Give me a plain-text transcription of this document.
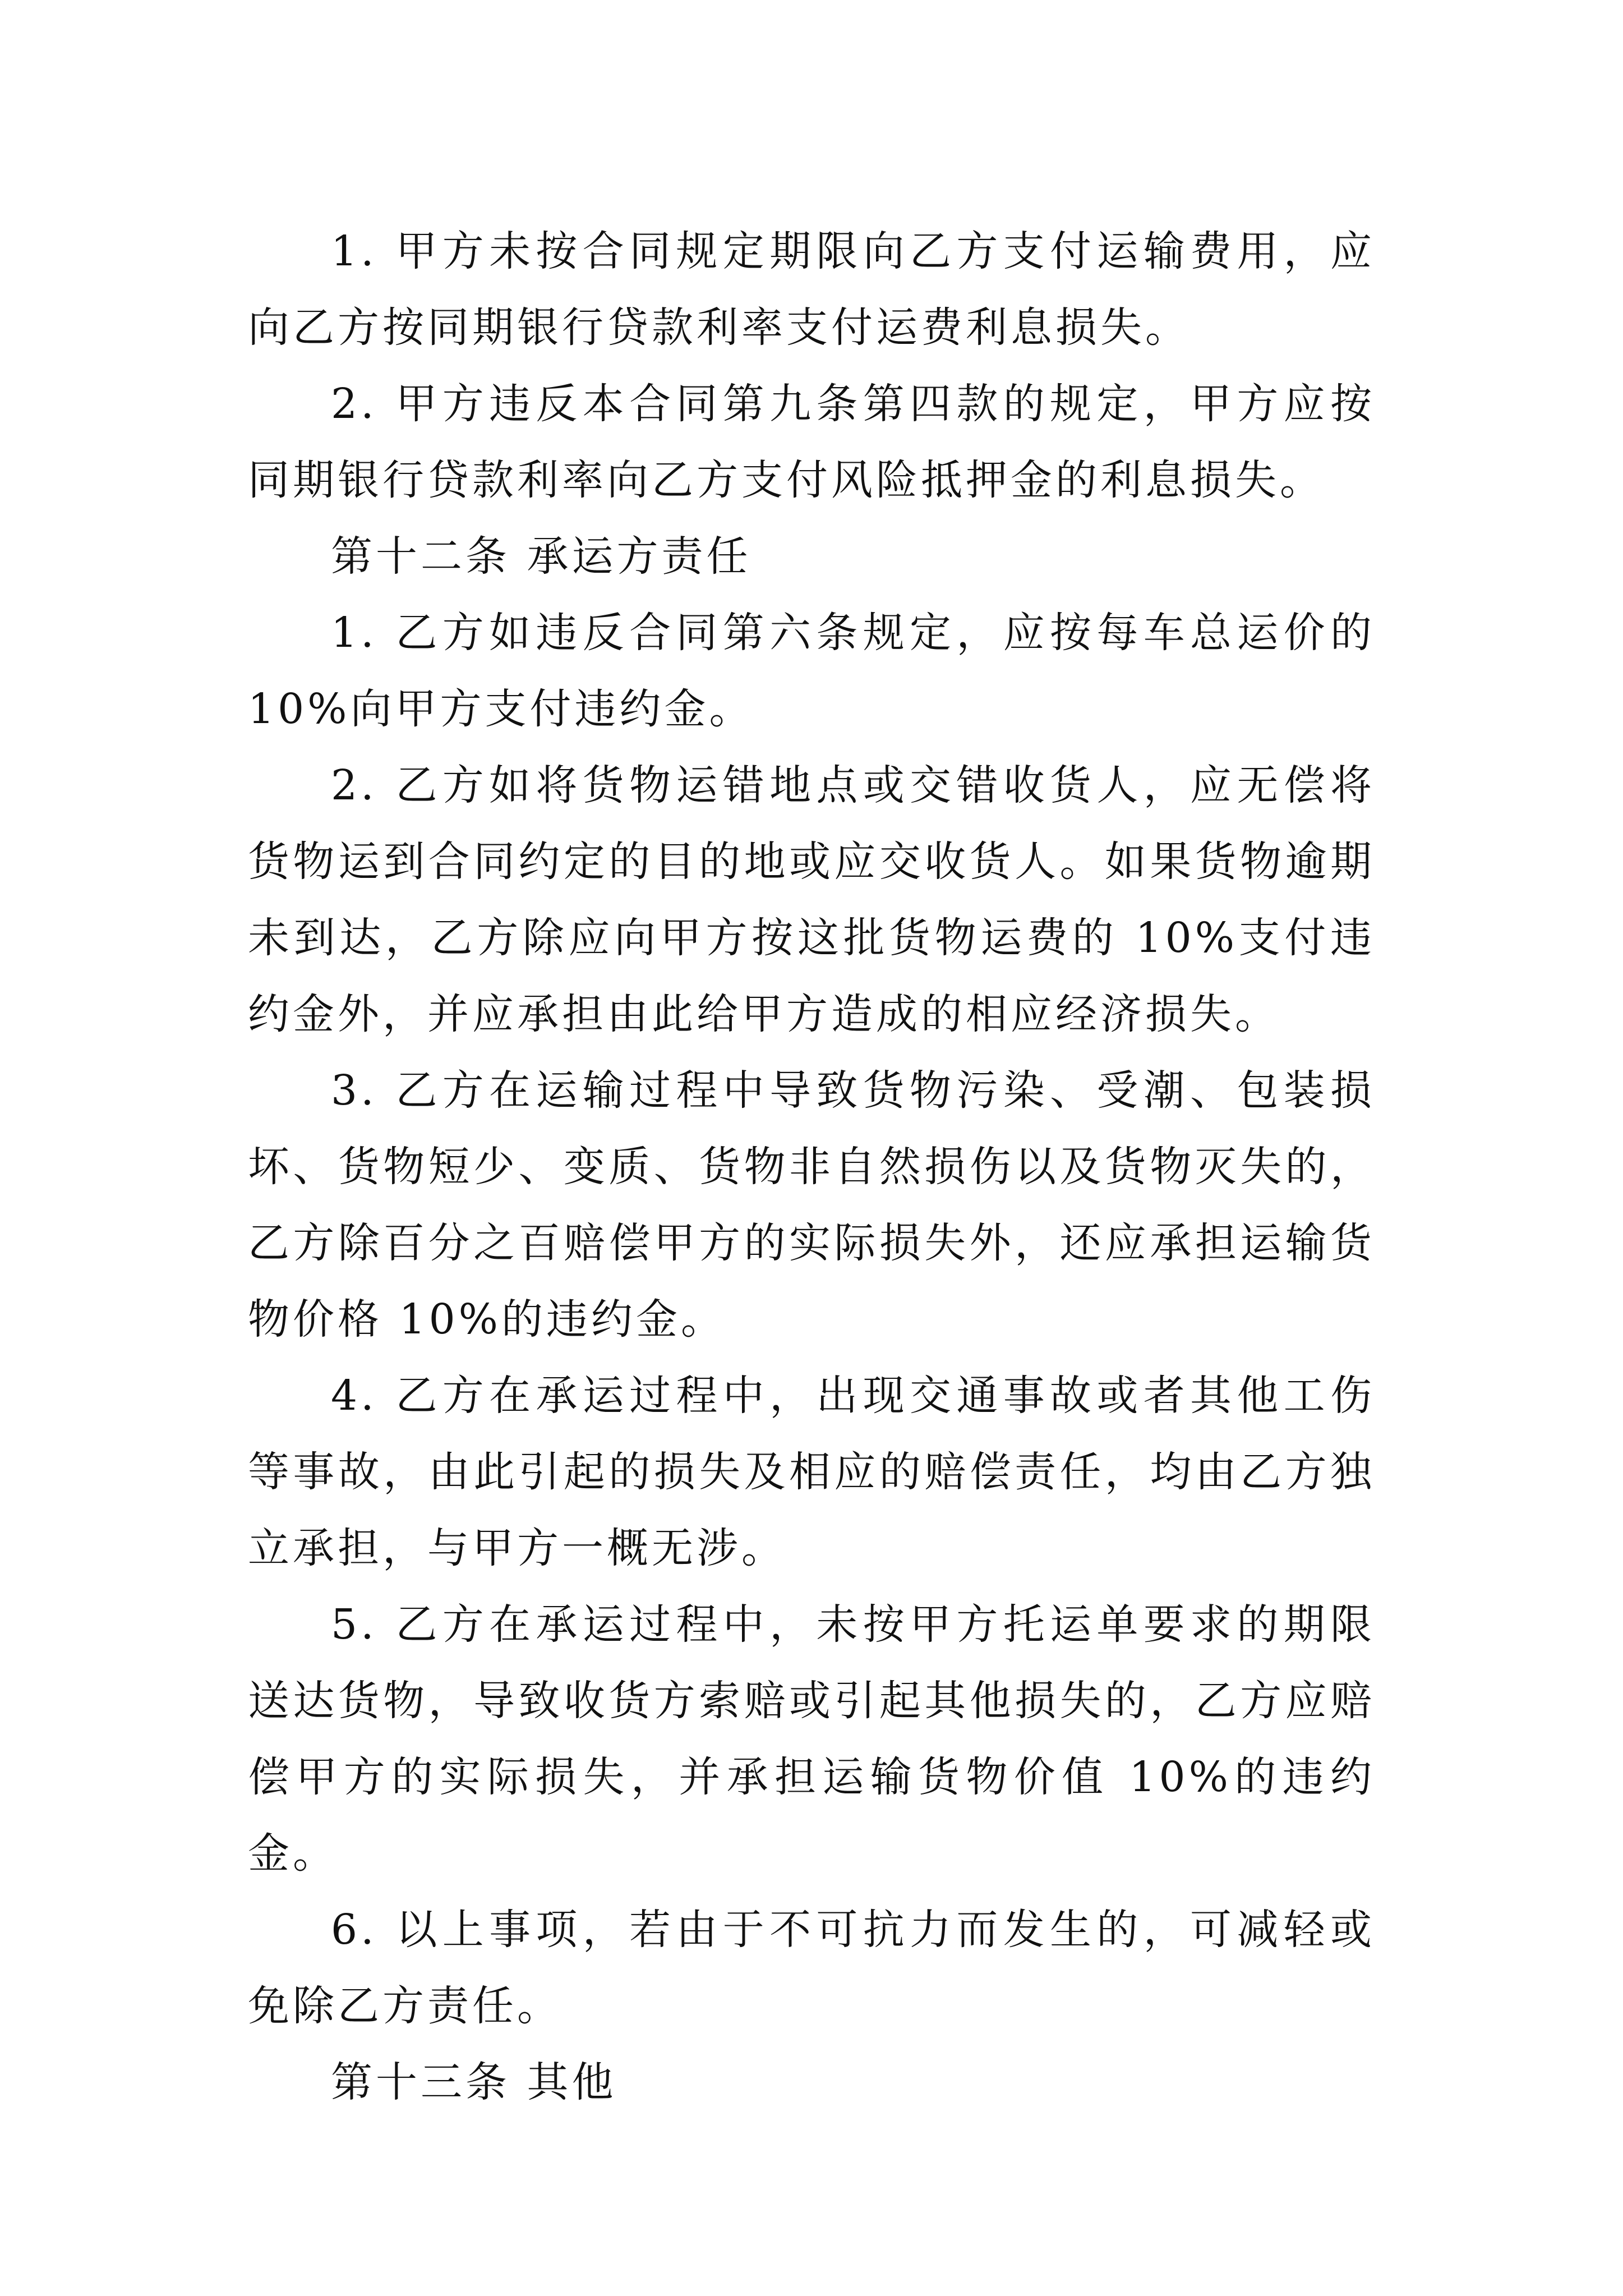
1. 甲方未按合同规定期限向乙方支付运输费用，应向乙方按同期银行贷款利率支付运费利息损失。

2. 甲方违反本合同第九条第四款的规定，甲方应按同期银行贷款利率向乙方支付风险抵押金的利息损失。

第十二条 承运方责任

1. 乙方如违反合同第六条规定，应按每车总运价的 10%向甲方支付违约金。

2. 乙方如将货物运错地点或交错收货人，应无偿将货物运到合同约定的目的地或应交收货人。如果货物逾期未到达，乙方除应向甲方按这批货物运费的 10%支付违约金外，并应承担由此给甲方造成的相应经济损失。

3. 乙方在运输过程中导致货物污染、受潮、包装损坏、货物短少、变质、货物非自然损伤以及货物灭失的，乙方除百分之百赔偿甲方的实际损失外，还应承担运输货物价格 10%的违约金。

4. 乙方在承运过程中，出现交通事故或者其他工伤等事故，由此引起的损失及相应的赔偿责任，均由乙方独立承担，与甲方一概无涉。

5. 乙方在承运过程中，未按甲方托运单要求的期限送达货物，导致收货方索赔或引起其他损失的，乙方应赔偿甲方的实际损失，并承担运输货物价值 10%的违约金。

6. 以上事项，若由于不可抗力而发生的，可减轻或免除乙方责任。

第十三条 其他
